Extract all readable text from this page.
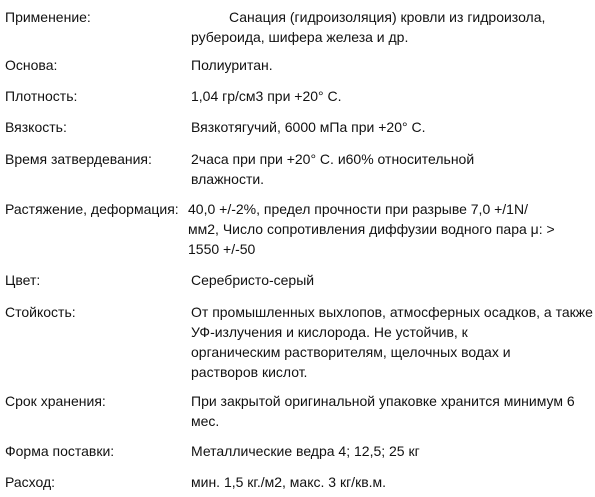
Применение:	Санация (гидроизоляция) кровли из гидроизола,
рубероида, шифера железа и др.
Основа:	Полиуритан.
Плотность:	1,04 гр/см3 при +20° С.
Вязкость:	Вязкотягучий, 6000 мПа при +20° С.
Время затвердевания:	2часа при при +20° С. и60% относительной
влажности.
Растяжение, деформация: 40,0 +/-2%, предел прочности при разрыве 7,0 +/1N/
мм2, Число сопротивления диффузии водного пара μ: >
1550 +/-50
Цвет:	Серебристо-серый
Стойкость:	От промышленных выхлопов, атмосферных осадков, а также
УФ-излучения и кислорода. Не устойчив, к
органическим растворителям, щелочных водах и
растворов кислот.
Срок хранения:	При закрытой оригинальной упаковке хранится минимум 6
мес.
Форма поставки:	Металлические ведра 4; 12,5; 25 кг
Расход:	мин. 1,5 кг./м2, макс. 3 кг/кв.м.
